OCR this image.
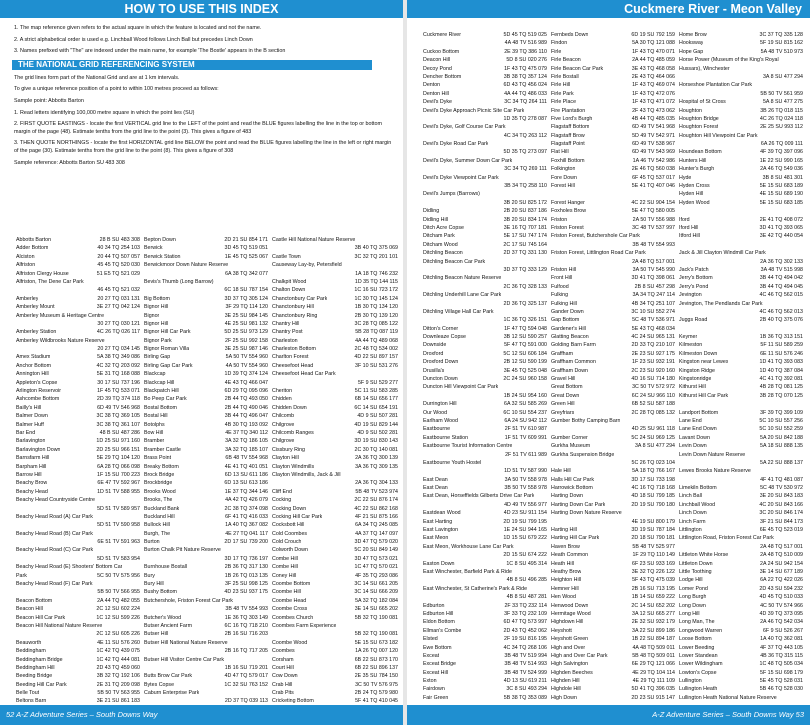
HOW TO USE THIS INDEX	Cuckmere River - Meon Valley

1. The map reference given refers to the actual square in which the feature is located and not the name.

2. A strict alphabetical order is used e.g. Linchball Wood follows Linch Ball but precedes Linch Down

3. Names prefixed with "The" are indexed under the main name, for example 'The Bostle' appears in the B section

THE NATIONAL GRID REFERENCING SYSTEM

The grid lines form part of the National Grid and are at 1 km intervals.

To give a unique reference position of a point to within 100 metres proceed as follows:

Sample point: Abbotts Barton

1. Read letters identifying 100,000 metre square in which the point lies (SU)

2. FIRST QUOTE EASTINGS - locate the first VERTICAL grid line to the LEFT of the point and read the BLUE figures labelling the line in the top or bottom margin of the page (48). Estimate tenths from the grid line to the point (3). This gives a figure of 483

3. THEN QUOTE NORTHINGS - locate the first HORIZONTAL grid line BELOW the point and read the BLUE figures labelling the line in the left or right margin of the page (30). Estimate tenths from the grid line to the point (8). This gives a figure of 308

Sample reference: Abbotts Barton SU 483 308

Abbotts Barton	28 B SU 483 308
Adder Bottom	40 34 TQ 254 103
Alciston	20 44 TQ 507 057
Alfriston	45 45 TQ 520 030
Alfriston Clergy House	51 E5 TQ 521 029
Alfriston, The Dene Car Park
46 45 TQ 521 032
Amberley	20 27 TQ 031 131
Amberley Mount	3E 27 TQ 042 124
Amberley Museum & Heritage Centre
30 27 TQ 030 121
Amberley Station	4C 26 TQ 026 117
Amberley Wildbrooks Nature Reserve
20 27 TQ 034 145
Amex Stadium	5A 38 TQ 349 086
Anchor Bottom	4C 32 TQ 203 092
Annington Hill	5E 31 TQ 168 088
Appleton's Copse	30 17 SU 737 196
Arlington Reservoir	1F 45 TQ 533 071
Ashcombe Bottom	2D 39 TQ 374 118
Bailly's Hill	6D 49 TV 546 968
Balmer Down	3C 38 TQ 369 105
Balmer Huff	3C 38 TQ 361 107
Bar End	48 B SU 487 286
Barlavington	1D 25 SU 971 160
Barlavington Down	2D 25 SU 966 151
Barnsfarm Hill	5E 29 TQ 104 120
Barpham Hill	6A 28 TQ 066 098
Barrow Hill	1F 15 SU 700 223
Beachy Brow	6E 47 TV 592 967
Beachy Head	1D 51 TV 588 955
Beachy Head Countryside Centre
5D 51 TV 589 957
Beachy Head Road (A) Car Park
5D 51 TV 590 958
Beachy Head Road (B) Car Park
6E 51 TV 591 963
Beachy Head Road (C) Car Park
5D 51 TV 583 954
Beachy Head Road (E) Shooters' Bottom Car
Park	5C 50 TV 575 956
Beachy Head Road (F) Car Park
5B 50 TV 566 955
Beacon Bottom	2A 44 TQ 482 055
Beacon Hill	2C 12 SU 602 224
Beacon Hill Car Park	1C 12 SU 599 226
Beacon Hill National Nature Reserve
2C 12 SU 605 226
Beauworth	4E 11 SU 576 260
Beddingham	1C 42 TQ 439 075
Beddingham Bridge	1C 42 TQ 444 081
Beddingham Hill	2D 43 TQ 459 060
Beeding Bridge	3B 32 TQ 192 106
Beeding Hill Car Park	2E 31 TQ 209 098
Belle Tout	5B 50 TV 563 955
Beltons Barn	3E 21 SU 861 183
Bepton Down	2D 21 SU 854 171
Berwick	3D 45 TQ 519 051
Berwick Station	1E 45 TQ 525 067
Berwickmoor Down Nature Reserve
6A 38 TQ 342 077
Bevis's Thumb (Long Barrow)
6C 18 SU 787 154
Big Bottom	3D 37 TQ 305 124
Bignor Hill	3F 29 TQ 114 120
Bignor	3E 25 SU 984 145
Bignor Hill	4E 25 SU 981 132
Bignor Hill Car Park	5D 25 SU 973 129
Bignor Park	2F 25 SU 992 158
Bignor Roman Villa	3E 25 SU 987 146
Birling Gap	5A 50 TV 554 960
Birling Gap Car Park	4A 50 TV 554 960
Blackcap	1D 39 TQ 374 124
Blackcap Hill	4E 43 TQ 466 047
Blackpatch Hill	6D 29 TQ 095 096
Bo Peep Car Park	2B 44 TQ 493 050
Bostal Bottom	2B 44 TQ 490 046
Bostal Hill	3B 44 TQ 496 047
Botolphs	4B 30 TQ 193 092
Bow Hill	4E 37 TQ 340 112
Bramber	3A 32 TQ 186 105
Bramber Castle	3A 32 TQ 185 107
Brass Point	6B 48 TV 554 968
Breaky Bottom	4E 41 TQ 401 051
Brock Bridge	6D 13 SU 611 186
Brockbridge	6D 13 SU 613 186
Brooks Wood	1E 37 TQ 344 146
Brooks, The	4A 42 TQ 426 079
Buckland Bank	2C 38 TQ 374 098
Buckland Hill	6F 41 TQ 416 033
Bullock Hill	1A 40 TQ 367 082
Burgh, The	4E 27 TQ 041 117
Burton	2D 17 SU 739 200
Burton Chalk Pit Nature Reserve
3D 17 TQ 736 197
Burnhouse Bostall	2B 36 TQ 317 130
Bury	1B 26 TQ 013 135
Bury Hill	3F 25 SU 998 125
Bushy Bottom	4D 23 SU 937 175
Butchershole, Friston Forest Car Park
3B 48 TV 554 993
Butcher's Wood	1E 36 TQ 303 149
Butser Ancient Farm	6C 16 TQ 718 210
Butser Hill	2B 16 SU 716 203
Butser Hill National Nature Reserve
2B 16 TQ 717 205
Butser Hill Visitor Centre Car Park
1B 16 SU 719 201
Butts Brow Car Park	4D 47 TQ 579 017
Bytes Copse	1C 32 SU 763 152
Caburn Enterprise Park
2D 37 TQ 039 113
Castle Hill National Nature Reserve
3B 40 TQ 375 069
Castle Town	3C 32 TQ 201 101
Causeway Lay-by, Petersfield
1A 18 TQ 746 232
Chalkpit Wood	1D 35 TQ 144 115
Chalton Down	1C 16 SU 723 172
Chanctonbury Car Park	1C 30 TQ 145 124
Chanctonbury Hill	1B 30 TQ 134 120
Chanctonbury Ring	2B 30 TQ 139 120
Chantry Hill	3C 28 TQ 085 122
Chantry Post	5B 28 TQ 087 119
Charleston	4A 44 TQ 489 068
Charleston Bottom	2C 48 TQ 534 002
Charlton Forest	4D 22 SU 897 157
Cheesefoot Head	3F 10 SU 531 276
Cheesefoot Head Car Park
5F 9 SU 529 277
Cheriton	5C 11 SU 583 285
Chidden	6B 14 SU 656 177
Chidden Down	6C 14 SU 654 191
Chilcomb	4D 9 SU 507 281
Chilgrove	4D 19 SU 829 144
Chilcomb Ranges	4D 9 SU 502 281
Chilgrove	3D 19 SU 830 143
Cissbury Ring	2C 30 TQ 140 081
Clayton Hill	2A 36 TQ 300 139
Clayton Windmills	3A 36 TQ 309 135
Clayton Windmills, Jack & Jill
2A 36 TQ 304 133
Cliff End	5B 48 TV 523 974
Cocking	2C 22 SU 876 174
Cocking Down	4C 22 SU 862 168
Cocking Hill Car Park	4F 21 SU 875 166
Cocksbott Hill	6A 34 TQ 245 085
Cold Coombes	4A 37 TQ 147 097
Cold Crouch	3D 47 TQ 579 020
Colworth Down	5C 20 SU 849 149
Combe Hill	3D 47 TQ 573 021
Combe Hill	1C 47 TQ 570 021
Coney Hill	4F 35 TQ 293 086
Coombe Bottom	3C 14 SU 661 205
Coombe Hill	3C 14 SU 666 209
Coombe Head	5A 32 TQ 182 084
Coombe Cross	3E 14 SU 665 202
Coombes Church	5B 32 TQ 190 081
Coombes Farm Experience
5B 32 TQ 190 081
Coombe Wood	5E 15 SU 673 182
Coombes	1A 26 TQ 007 120
Corsham	6B 22 SU 873 170
Court Hill	6B 22 SU 896 137
Cow Down	2E 35 SU 784 150
Crab Hill	3C 50 TV 576 975
Crab Pits	2B 24 TQ 579 980
Cricketing Bottom	5F 41 TQ 410 045
Cuckmere River	5D 45 TQ 519 025
4A 48 TV 516 989
Cuckoo Bottom	2E 39 TQ 386 110
Deacon Hill	5D 8 SU 020 276
Decoy Pond	1F 43 TQ 475 079
Dencher Bottom	3B 38 TQ 357 124
Denton	6D 43 TQ 456 024
Denton Hill	4A 44 TQ 486 033
Devil's Dyke	3C 34 TQ 264 111
Devil's Dyke Approach Picnic Site Car Park
1D 35 TQ 278 087
Devil's Dyke, Golf Course Car Park
4C 34 TQ 263 112
Devil's Dyke Road Car Park
5D 35 TQ 273 097
Devil's Dyke, Summer Down Car Park
3C 34 TQ 269 111
Devil's Dyke Viewpoint Car Park
3B 34 TQ 258 110
Devil's Jumps (Barrows)
3B 20 SU 825 172
Didling	2B 20 SU 837 186
Didling Hill	3B 20 SU 834 174
Ditch Acre Copse	3E 16 TQ 707 181
Ditcham Park	5E 17 SU 747 174
Ditcham Wood	2C 17 SU 745 164
Ditchling Beacon	2D 37 TQ 331 130
Ditchling Beacon Car Park
3D 37 TQ 333 129
Ditchling Beacon Nature Reserve
2C 36 TQ 328 133
Ditchling Underhill Lane Car Park
2D 36 TQ 325 137
Ditchling Village Hall Car Park
1C 36 TQ 326 151
Ditton's Corner	1F 47 TQ 594 048
Downleaze Copse	3B 12 SU 590 257
Downside	5F 47 TQ 591 000
Droxford	5C 12 SU 606 184
Droxford Down	2B 12 SU 590 199
Drusilla's	3E 45 TQ 525 048
Duncton Down	2C 24 SU 960 158
Duncton Hill Viewpoint Car Park
1B 24 SU 954 160
Durrington Hill	6A 32 SU 585 269
Our Wood	6C 10 SU 554 237
Earlham Wood	6A 24 SU 942 112
Eastbourne	2F 51 TV 610 987
Eastbourne Station	1F 51 TV 609 991
Eastbourne Tourist Information Centre
2F 51 TV 611 989
Eastbourne Youth Hostel
1D 51 TV 587 990
East Dean	3A 50 TV 558 978
East Dean	3B 50 TV 558 978
East Dean, Horseffields Gilberts Drive Car Park
4D 49 TV 556 977
Eastdean Wood	4D 23 SU 911 154
East Harting	2D 19 SU 799 195
East Lavington	1E 24 SU 944 165
East Meon	1D 15 SU 679 222
East Meon, Workhouse Lane Car Park
2D 15 SU 674 222
Easton Down	1C 8 SU 495 314
East Winchester, Barfield Park & Ride
4B 8 SU 496 285
East Winchester, St Catherine's Park & Ride
4B 8 SU 487 281
Edburton	2F 33 TQ 232 114
Edburton Hill	3F 33 TQ 232 109
Eldon Bottom	6D 47 TQ 573 997
Ellman's Combe	2D 43 TQ 452 062
Elsted	2F 19 SU 816 195
Ewe Bottom	4C 34 TQ 268 106
Exceat	3B 48 TV 519 994
Exceat Bridge	3B 48 TV 514 993
Exceat Hill	3B 48 TV 524 999
Exton	4D 13 SU 619 211
Fairdown	3C 8 SU 493 294
Fair Green	5B 38 TQ 353 089
Fernbeds Down	6D 19 SU 792 159
Findon	5A 30 TQ 121 088
Firle	1F 43 TQ 470 071
Firle Beacon	2A 44 TQ 485 059
Firle Beacon Car Park	3E 43 TQ 468 058
Firle Bostall	2E 43 TQ 464 066
Firle Hill	1F 43 TQ 469 074
Firle Park	1F 43 TQ 472 076
Firle Place	1F 43 TQ 471 072
Fire Plantation	2F 43 TQ 473 062
Five Lord's Burgh	4B 44 TQ 485 035
Flagstaff Bottom	6D 49 TV 541 968
Flagstaff Brow	5D 49 TV 542 971
Flagstaff Point	6D 49 TV 538 967
Flat Hill	6D 49 TV 543 969
Foxhill Bottom	1A 46 TV 542 986
Folkington	2E 46 TQ 560 038
Fore Down	6F 45 TQ 537 017
Forest Hill	5E 41 TQ 407 046
Forest Hanger	4C 22 SU 904 154
Foxholes Brow	5E 47 TQ 580 005
Friston	2A 50 TV 556 988
Friston Forest	3C 48 TV 537 997
Friston Forest, Butchershole Car Park
3B 48 TV 554 993
Friston Forest, Littlington Road Car Park
2A 48 TQ 517 001
Friston Hill	3A 50 TV 545 990
Front Hill	3D 41 TQ 398 061
Fulfood	2B 8 SU 457 298
Fulking	3A 34 TQ 247 114
Fulking Hill	4B 34 TQ 251 107
Gander Down	3C 10 SU 552 274
Gap Bottom	5C 48 TV 536 971
Gardener's Hill	5E 43 TQ 468 034
Glatting Beacon	4C 24 SU 965 131
Golding Barn Farm	2D 33 TQ 210 107
Graffham	2E 23 SU 927 175
Graffham Common	1F 23 SU 932 191
Graffham Down	2C 23 SU 920 160
Gravel Hill	4D 16 SU 714 180
Great Bottom	3C 50 TV 572 972
Great Down	6C 24 SU 966 110
Green Hill	6B 52 SU 587 188
Greyfriars	2C 28 TQ 085 132
Gumber Bothy Camping Barn
4D 25 SU 961 118
Gumber Corner	5C 24 SU 969 125
Gurkha Museum	3A 8 SU 477 294
Gurkha Suspension Bridge
5C 26 TQ 023 104
Hale Hill	5A 18 TQ 766 167
Halls Hill Car Park	3D 17 SU 733 198
Harrowick Bottom	4C 16 TQ 718 168
Harting Down	4D 18 SU 799 185
Harting Down Car Park	2D 19 SU 790 180
Harting Down Nature Reserve
4E 19 SU 800 179
Harting Hill	3D 19 SU 787 184
Harting Hill Car Park	2D 18 SU 790 181
Haven Brow	5B 48 TV 525 977
Heath Common	1F 29 TQ 110 149
Heath Hill	6F 23 SU 933 169
Heathy Brow	3E 32 TQ 226 122
Heighton Hill	5F 43 TQ 475 039
Hemner Hill	2B 16 SU 713 195
Hen Wood	1B 14 SU 659 222
Henwood Down	2C 14 SU 652 202
Hermitage Wood	3A 12 SU 665 277
Highdown Hill	2E 32 SU 932 179
Heyshott	3A 22 SU 899 186
Heyshott Green	1B 22 SU 894 187
High and Over	4A 48 TQ 509 011
High and Over Car Park	5B 48 TQ 509 011
High Salvington	6E 29 TQ 121 066
Highden Beeches	4E 29 TQ 104 114
Highden Hill	4E 29 TQ 111 109
Highdole Hill	5D 41 TQ 396 035
High Down	2D 23 SU 915 147
Home Brow	3C 37 TQ 335 128
Hooksway	5F 19 SU 815 162
Hope Gap	5A 48 TV 510 973
Horse Power (Museum of the King's Royal
Hussars), Winchester
3A 8 SU 477 294
Horseshoe Plantation Car Park
5B 50 TV 561 959
Hospital of St Cross	5A 8 SU 477 275
Houghton	3B 26 TQ 018 115
Houghton Bridge	4C 26 TQ 024 118
Houghton Forest	2E 25 SU 993 112
Houghton Hill Viewpoint Car Park
6A 26 TQ 009 111
Houndean Bottom	4F 39 TQ 397 096
Hunters Hill	1E 22 SU 990 165
Hunter's Burgh	2A 46 TQ 549 036
Hyde	3B 8 SU 481 301
Hyden Cross	5E 15 SU 683 189
Hyden Hill	4E 15 SU 689 190
Hyden Wood	5E 15 SU 683 185
Iford	2E 41 TQ 408 072
Iford Hill	3D 41 TQ 393 065
Itford Hill	3E 42 TQ 440 054
Jack & Jill Clayton Windmill Car Park
2A 36 TQ 302 133
Jack's Patch	3A 48 TV 515 998
Jerry's Bottom	3B 44 TQ 494 042
Jerry's Pond	3B 44 TQ 494 045
Jevington	4C 46 TQ 562 015
Jevington, The Pendlands Car Park
4C 46 TQ 562 013
Juggs Road	2B 40 TQ 375 076
Keymer	1B 36 TQ 313 151
Kilmeston	5F 11 SU 589 259
Kilmeston Down	6E 11 SU 576 246
Kingston near Lewes	1D 41 TQ 393 083
Kingston Ridge	1D 40 TQ 387 084
Kingstonridge	4C 41 TQ 392 081
Kithurst Hill	4B 28 TQ 081 125
Kithurst Hill Car Park	3B 28 TQ 070 125
Landport Bottom	3F 39 TQ 399 109
Lane End	5C 10 SU 557 256
Lane End Down	5C 10 SU 552 259
Lavant Down	5A 20 SU 842 188
Levin Down	5A 18 SU 888 135
Levin Down Nature Reserve
5A 22 SU 888 137
Lewes Brooks Nature Reserve
4F 41 TQ 481 087
Limekiln Bottom	5C 48 TV 530 972
Linch Ball	3E 20 SU 843 183
Linchball Wood	4C 20 SU 843 166
Linch Down	3C 20 SU 846 174
Linch Farm	3F 21 SU 844 173
Littlington	6E 45 TQ 523 019
Littlington Road, Friston Forest Car Park
2A 48 TQ 517 001
Littleton White Horse	2A 48 TQ 510 009
Littleton Down	2A 24 SU 942 154
Little Toothing	3E 14 SU 677 189
Lodge Hill	6A 22 TQ 422 026
Lomer Pond	2D 43 SU 594 232
Long Burgh	4D 45 TQ 510 033
Long Down	4C 50 TV 574 966
Long Hill	4D 39 TQ 373 095
Long Man, The	2A 46 TQ 542 034
Longwood Warren	6F 9 SU 526 267
Loose Bottom	1A 40 TQ 362 081
Lower Beeding	4F 37 TQ 443 105
Lower Standean	4B 36 TQ 315 115
Lower Wildingham	1C 48 TQ 505 034
Lowton's Copse	5F 15 SU 698 179
Lullington	5E 45 TQ 528 031
Lullington Heath	5B 46 TQ 528 030
Lullington Heath National Nature Reserve
52 A-Z Adventure Series – South Downs Way	A-Z Adventure Series – South Downs Way 53
